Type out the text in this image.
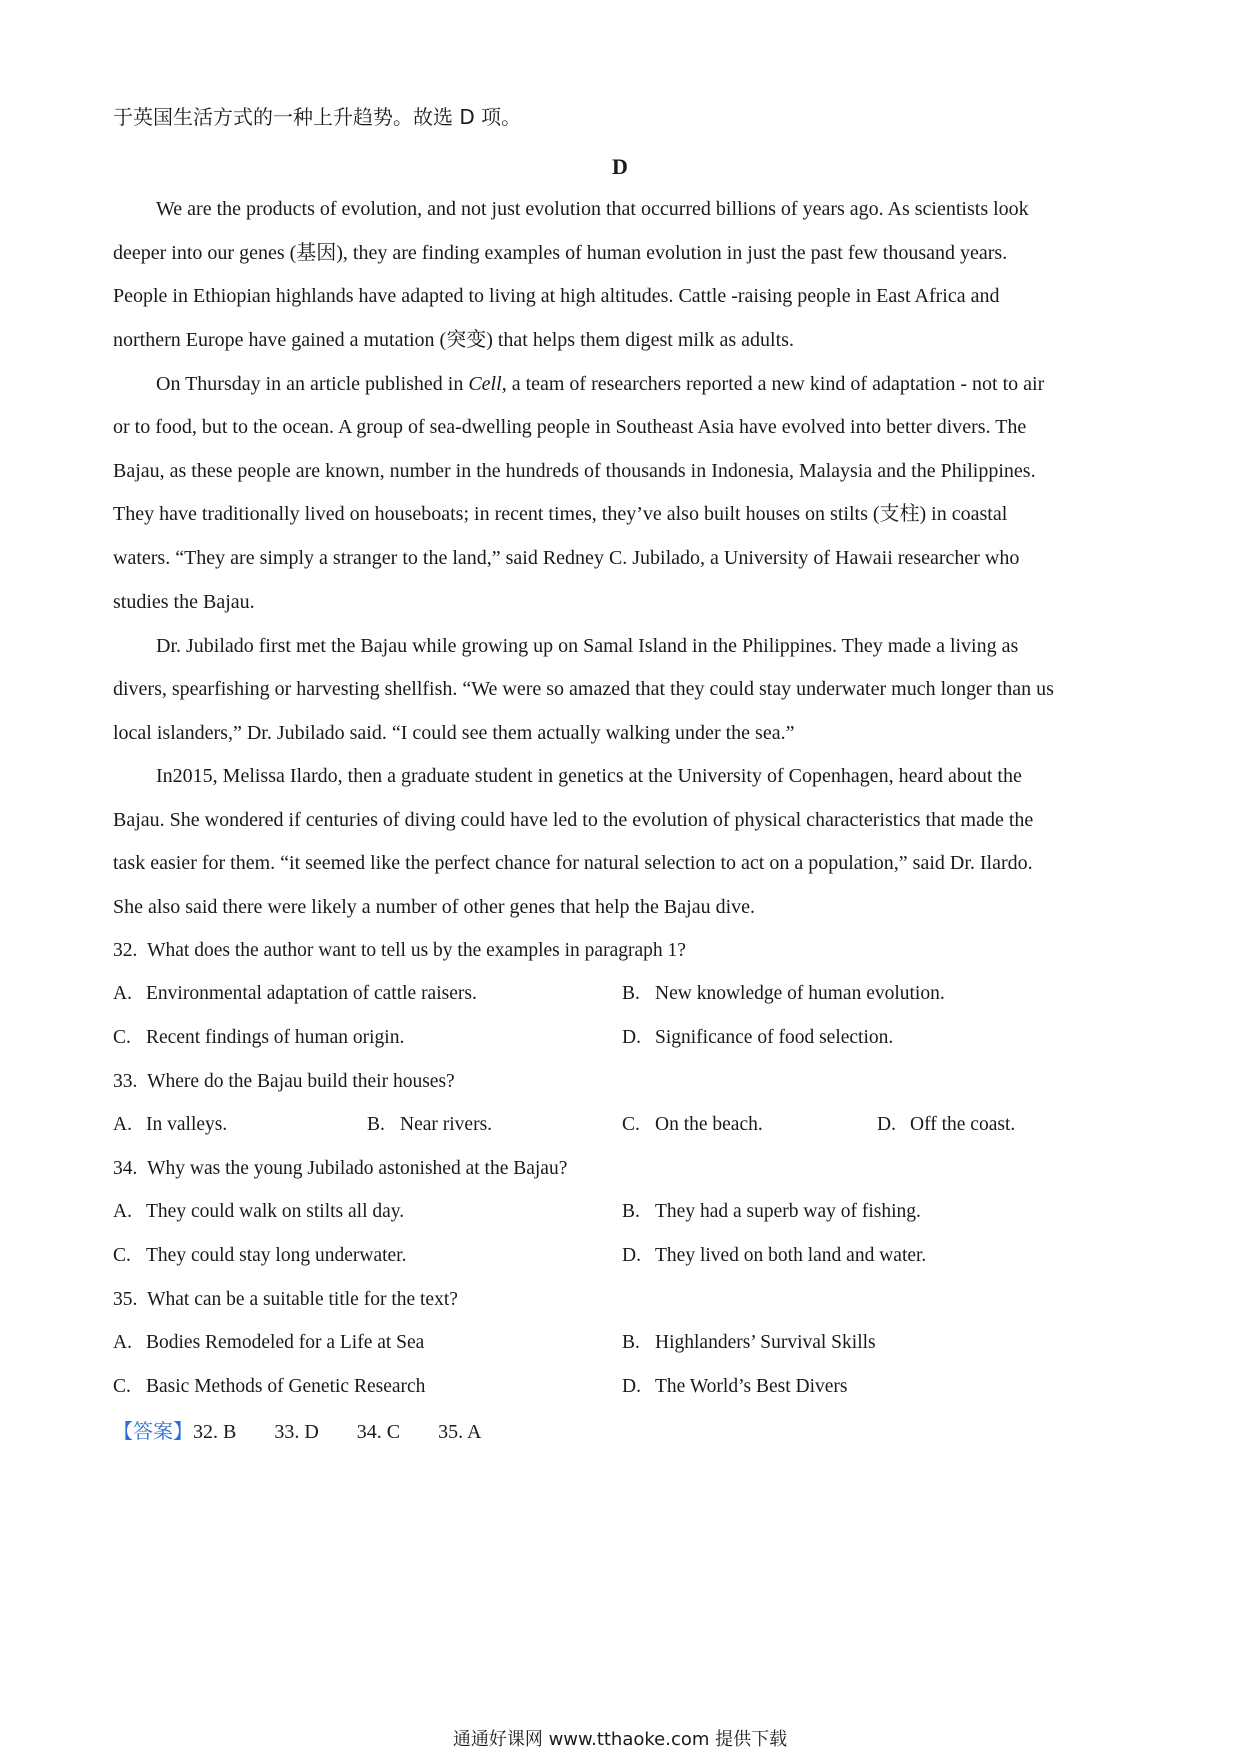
于英国生活方式的一种上升趋势。故选 D 项。
D
We are the products of evolution, and not just evolution that occurred billions of years ago. As scientists look
deeper into our genes (基因), they are finding examples of human evolution in just the past few thousand years.
People in Ethiopian highlands have adapted to living at high altitudes. Cattle -raising people in East Africa and
northern Europe have gained a mutation (突变) that helps them digest milk as adults.
On Thursday in an article published in Cell, a team of researchers reported a new kind of adaptation - not to air
or to food, but to the ocean. A group of sea-dwelling people in Southeast Asia have evolved into better divers. The
Bajau, as these people are known, number in the hundreds of thousands in Indonesia, Malaysia and the Philippines.
They have traditionally lived on houseboats; in recent times, they’ve also built houses on stilts (支柱) in coastal
waters. “They are simply a stranger to the land,” said Redney C. Jubilado, a University of Hawaii researcher who
studies the Bajau.
Dr. Jubilado first met the Bajau while growing up on Samal Island in the Philippines. They made a living as
divers, spearfishing or harvesting shellfish. “We were so amazed that they could stay underwater much longer than us
local islanders,” Dr. Jubilado said. “I could see them actually walking under the sea.”
In2015, Melissa Ilardo, then a graduate student in genetics at the University of Copenhagen, heard about the
Bajau. She wondered if centuries of diving could have led to the evolution of physical characteristics that made the
task easier for them. “it seemed like the perfect chance for natural selection to act on a population,” said Dr. Ilardo.
She also said there were likely a number of other genes that help the Bajau dive.
32. What does the author want to tell us by the examples in paragraph 1?
A. Environmental adaptation of cattle raisers.	B. New knowledge of human evolution.
C. Recent findings of human origin.	D. Significance of food selection.
33. Where do the Bajau build their houses?
A. In valleys.	B. Near rivers.	C. On the beach.	D. Off the coast.
34. Why was the young Jubilado astonished at the Bajau?
A. They could walk on stilts all day.	B. They had a superb way of fishing.
C. They could stay long underwater.	D. They lived on both land and water.
35. What can be a suitable title for the text?
A. Bodies Remodeled for a Life at Sea	B. Highlanders’ Survival Skills
C. Basic Methods of Genetic Research	D. The World’s Best Divers
【答案】32. B 33. D 34. C 35. A
通通好课网 www.tthaoke.com 提供下载
